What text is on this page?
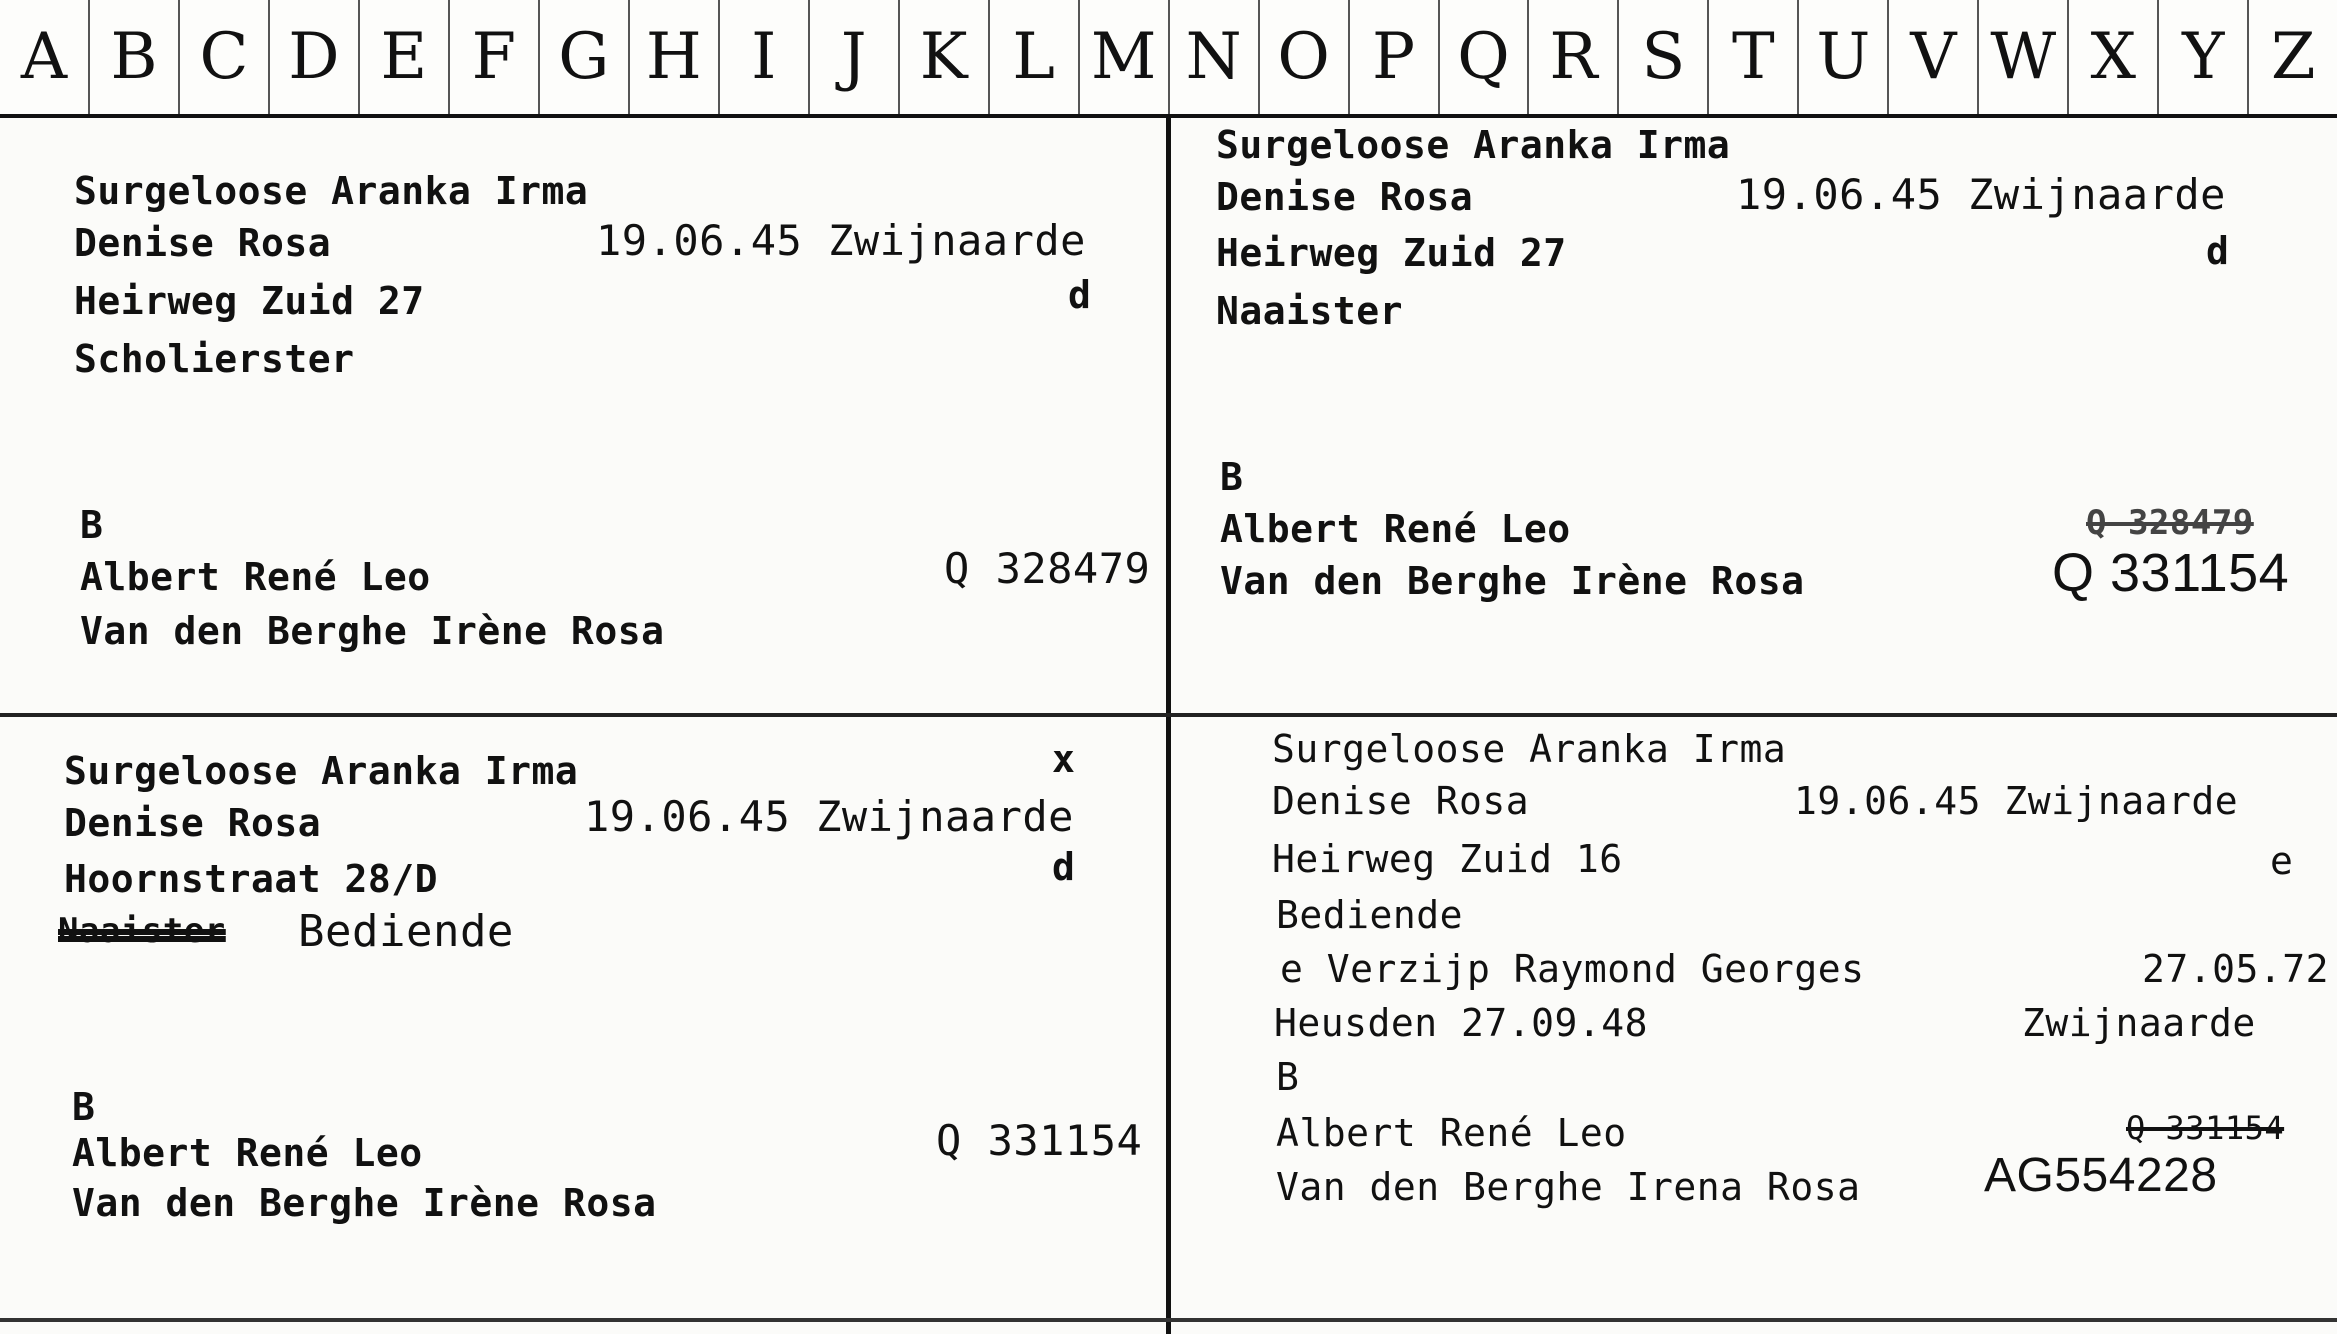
A B C D E F G H I	J K L M N O P Q R S T U V W X Y Z
Surgeloose Aranka Irma
Denise Rosa	19.06.45 Zwijnaarde
Heirweg Zuid 27	d
Scholierster
B
Albert René Leo	Q 328479
Van den Berghe Irène Rosa
Surgeloose Aranka Irma
Denise Rosa	19.06.45 Zwijnaarde
Heirweg Zuid 27	d
Naaister
B
Albert René Leo	Q 328479
Van den Berghe Irène Rosa	Q 331154
Surgeloose Aranka Irma	x
Denise Rosa	19.06.45 Zwijnaarde
Hoornstraat 28/D	d
Naaister Bediende
B
Albert René Leo	Q 331154
Van den Berghe Irène Rosa
Surgeloose Aranka Irma
Denise Rosa	19.06.45 Zwijnaarde
Heirweg Zuid 16	e
Bediende
e Verzijp Raymond Georges	27.05.72
Heusden 27.09.48	Zwijnaarde
B
Albert René Leo	Q 331154
Van den Berghe Irena Rosa	AG554228
